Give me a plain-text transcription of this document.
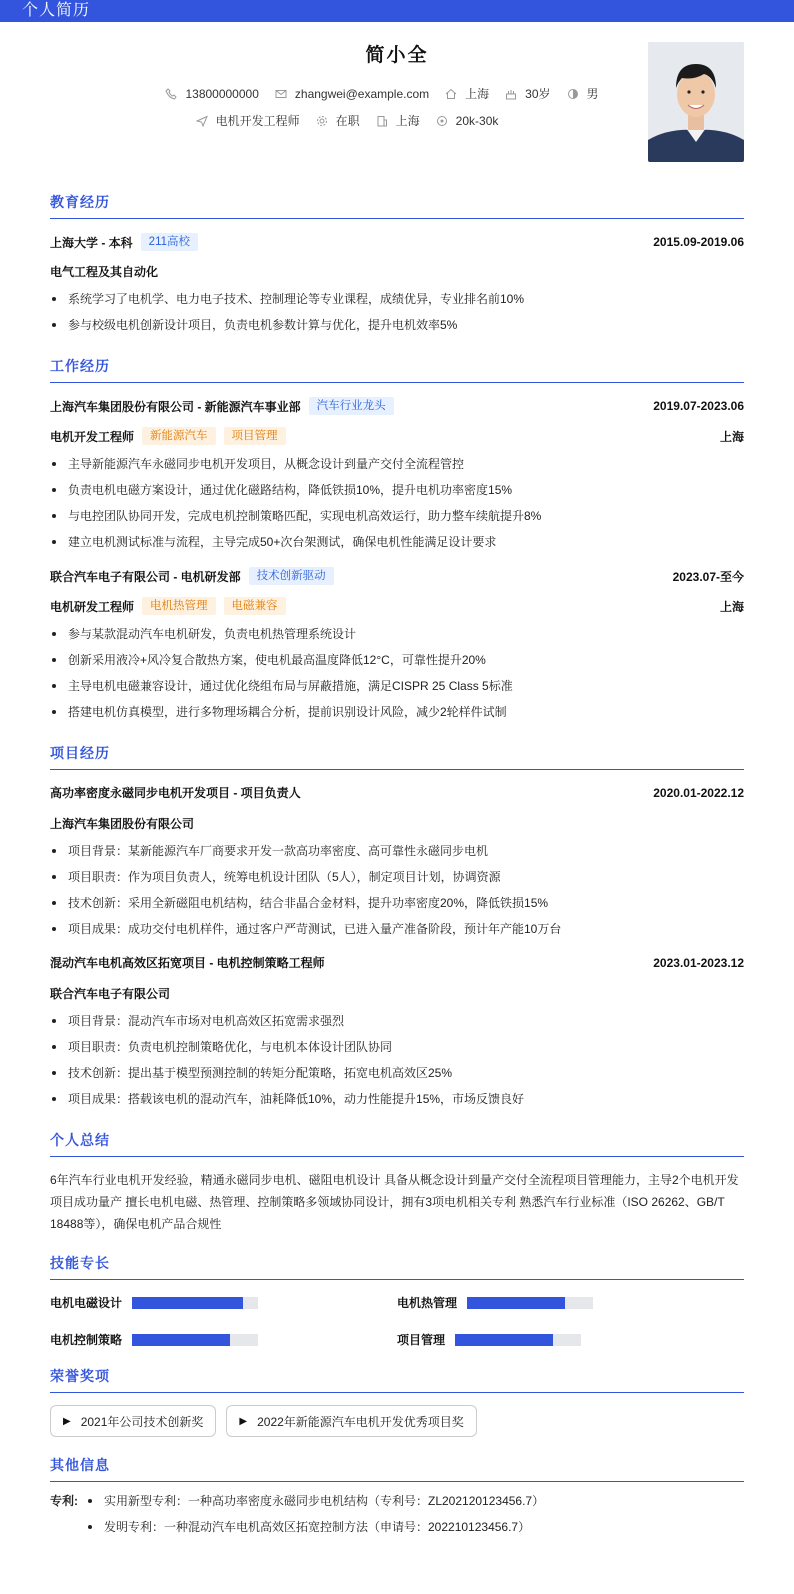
个人简历
简小全
13800000000	zhangwei@example.com	上海	30岁	男
电机开发工程师	在职	上海	20k-30k
教育经历
上海大学 - 本科	211高校	2015.09-2019.06
电气工程及其自动化
系统学习了电机学、电力电子技术、控制理论等专业课程，成绩优异，专业排名前10%
参与校级电机创新设计项目，负责电机参数计算与优化，提升电机效率5%
工作经历
上海汽车集团股份有限公司 - 新能源汽车事业部	汽车行业龙头	2019.07-2023.06
电机开发工程师	新能源汽车	项目管理	上海
主导新能源汽车永磁同步电机开发项目，从概念设计到量产交付全流程管控
负责电机电磁方案设计，通过优化磁路结构，降低铁损10%，提升电机功率密度15%
与电控团队协同开发，完成电机控制策略匹配，实现电机高效运行，助力整车续航提升8%
建立电机测试标准与流程，主导完成50+次台架测试，确保电机性能满足设计要求
联合汽车电子有限公司 - 电机研发部	技术创新驱动	2023.07-至今
电机研发工程师	电机热管理	电磁兼容	上海
参与某款混动汽车电机研发，负责电机热管理系统设计
创新采用液冷+风冷复合散热方案，使电机最高温度降低12°C，可靠性提升20%
主导电机电磁兼容设计，通过优化绕组布局与屏蔽措施，满足CISPR 25 Class 5标准
搭建电机仿真模型，进行多物理场耦合分析，提前识别设计风险，减少2轮样件试制
项目经历
高功率密度永磁同步电机开发项目 - 项目负责人	2020.01-2022.12
上海汽车集团股份有限公司
项目背景：某新能源汽车厂商要求开发一款高功率密度、高可靠性永磁同步电机
项目职责：作为项目负责人，统筹电机设计团队（5人），制定项目计划，协调资源
技术创新：采用全新磁阻电机结构，结合非晶合金材料，提升功率密度20%，降低铁损15%
项目成果：成功交付电机样件，通过客户严苛测试，已进入量产准备阶段，预计年产能10万台
混动汽车电机高效区拓宽项目 - 电机控制策略工程师	2023.01-2023.12
联合汽车电子有限公司
项目背景：混动汽车市场对电机高效区拓宽需求强烈
项目职责：负责电机控制策略优化，与电机本体设计团队协同
技术创新：提出基于模型预测控制的转矩分配策略，拓宽电机高效区25%
项目成果：搭载该电机的混动汽车，油耗降低10%，动力性能提升15%，市场反馈良好
个人总结
6年汽车行业电机开发经验，精通永磁同步电机、磁阻电机设计 具备从概念设计到量产交付全流程项目管理能力，主导2个电机开发项目成功量产 擅长电机电磁、热管理、控制策略多领域协同设计，拥有3项电机相关专利 熟悉汽车行业标准（ISO 26262、GB/T 18488等），确保电机产品合规性
技能专长
电机电磁设计	电机热管理
电机控制策略	项目管理
荣誉奖项
▶ 2021年公司技术创新奖	▶ 2022年新能源汽车电机开发优秀项目奖
其他信息
专利:	实用新型专利：一种高功率密度永磁同步电机结构（专利号：ZL202120123456.7）
发明专利：一种混动汽车电机高效区拓宽控制方法（申请号：202210123456.7）
